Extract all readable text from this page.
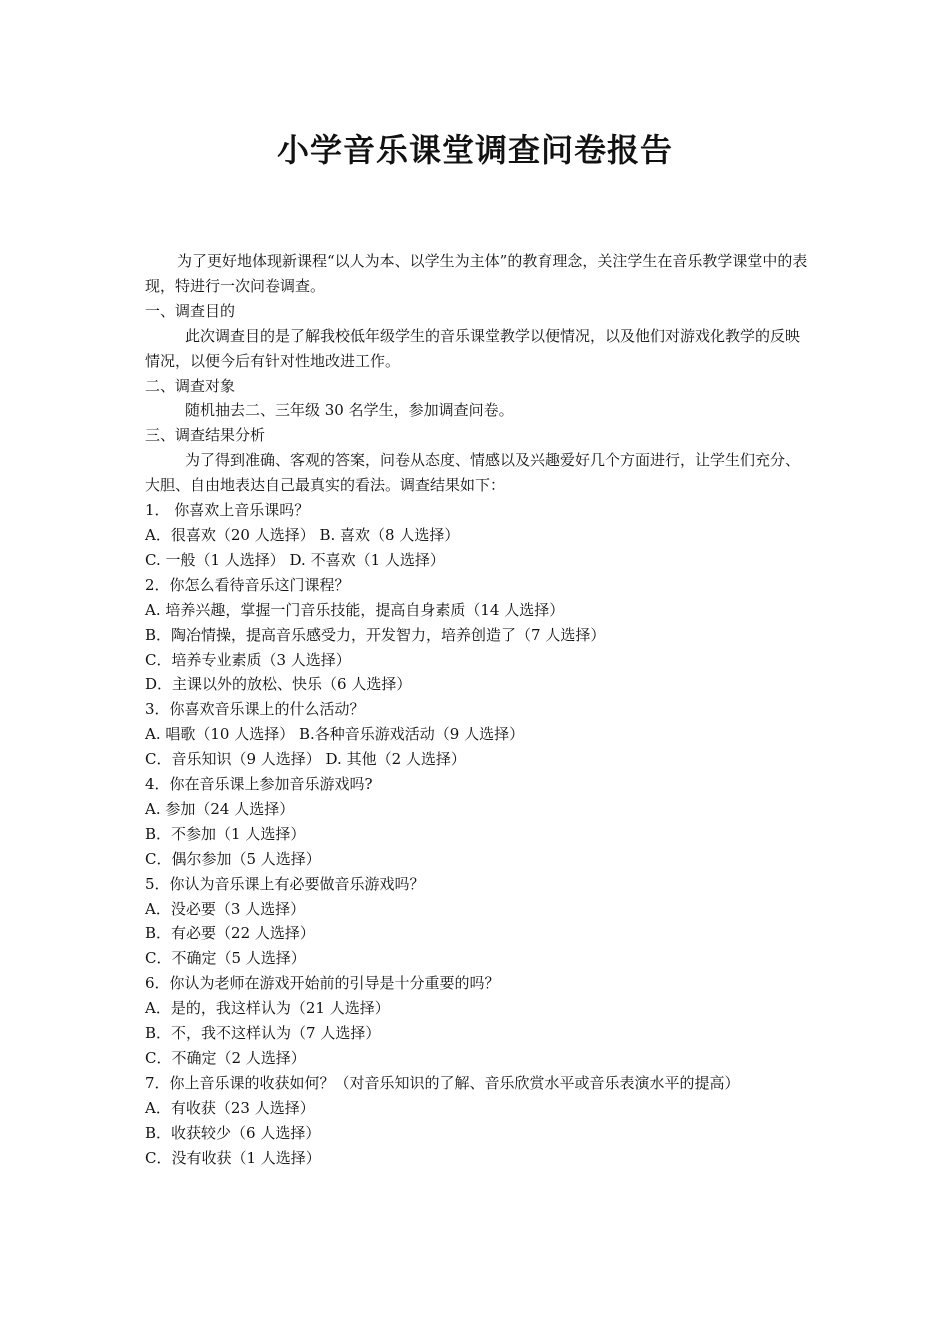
小学音乐课堂调查问卷报告

为了更好地体现新课程“以人为本、以学生为主体”的教育理念，关注学生在音乐教学课堂中的表现，特进行一次问卷调查。

一、调查目的

此次调查目的是了解我校低年级学生的音乐课堂教学以便情况，以及他们对游戏化教学的反映情况，以便今后有针对性地改进工作。

二、调查对象

随机抽去二、三年级 30 名学生，参加调查问卷。

三、调查结果分析

为了得到准确、客观的答案，问卷从态度、情感以及兴趣爱好几个方面进行，让学生们充分、大胆、自由地表达自己最真实的看法。调查结果如下：

1． 你喜欢上音乐课吗？

A．很喜欢（20 人选择） B. 喜欢（8 人选择）

C. 一般（1 人选择） D. 不喜欢（1 人选择）

2．你怎么看待音乐这门课程？

A. 培养兴趣，掌握一门音乐技能，提高自身素质（14 人选择）

B．陶冶情操，提高音乐感受力，开发智力，培养创造了（7 人选择）

C．培养专业素质（3 人选择）

D．主课以外的放松、快乐（6 人选择）

3．你喜欢音乐课上的什么活动？

A. 唱歌（10 人选择） B.各种音乐游戏活动（9 人选择）

C．音乐知识（9 人选择） D. 其他（2 人选择）

4．你在音乐课上参加音乐游戏吗?

A. 参加（24 人选择）

B．不参加（1 人选择）

C．偶尔参加（5 人选择）

5．你认为音乐课上有必要做音乐游戏吗？

A．没必要（3 人选择）

B．有必要（22 人选择）

C．不确定（5 人选择）

6．你认为老师在游戏开始前的引导是十分重要的吗？

A．是的，我这样认为（21 人选择）

B．不，我不这样认为（7 人选择）

C．不确定（2 人选择）

7．你上音乐课的收获如何？（对音乐知识的了解、音乐欣赏水平或音乐表演水平的提高）

A．有收获（23 人选择）

B．收获较少（6 人选择）

C．没有收获（1 人选择）
